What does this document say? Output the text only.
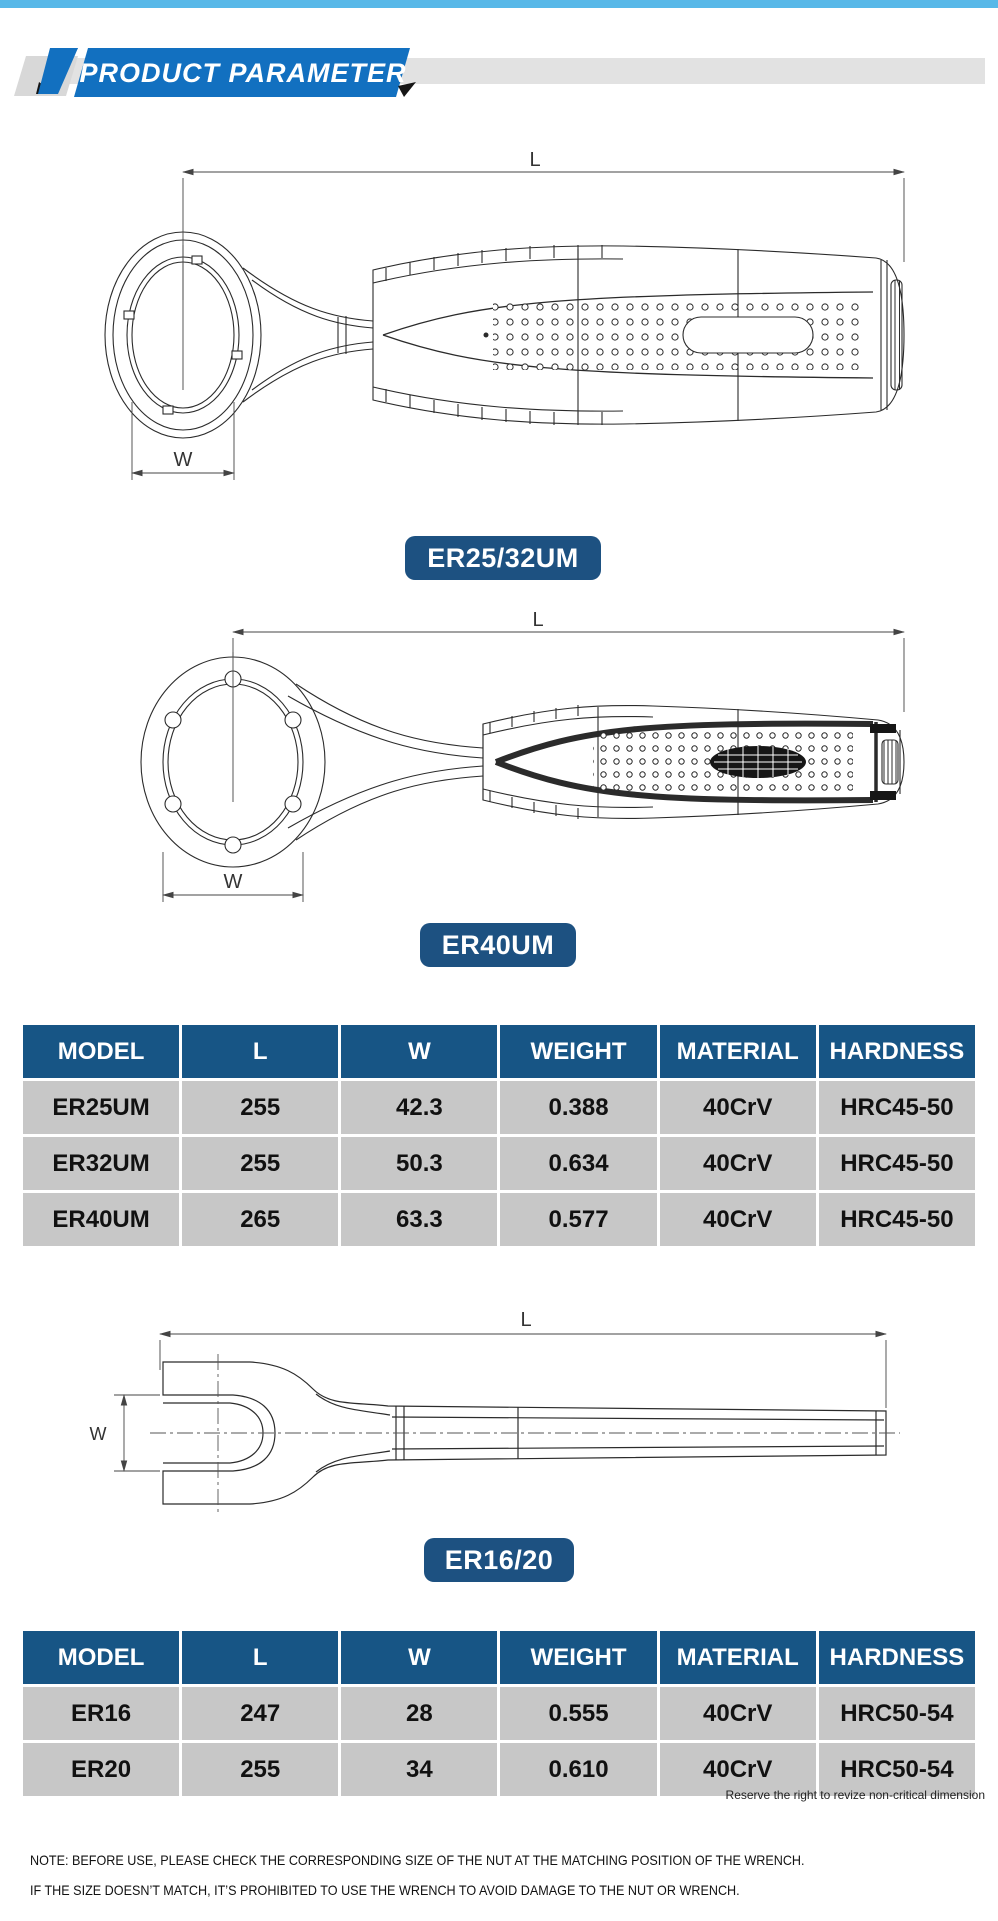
PRODUCT PARAMETER
L
W
ER25/32UM
L
W
ER40UM
MODEL	L	W	WEIGHT	MATERIAL	HARDNESS
ER25UM	255	42.3	0.388	40CrV	HRC45-50
ER32UM	255	50.3	0.634	40CrV	HRC45-50
ER40UM	265	63.3	0.577	40CrV	HRC45-50
L
W
ER16/20
MODEL	L	W	WEIGHT	MATERIAL	HARDNESS
ER16	247	28	0.555	40CrV	HRC50-54
ER20	255	34	0.610	40CrV	HRC50-54
Reserve the right to revize non-critical dimension
NOTE: BEFORE USE, PLEASE CHECK THE CORRESPONDING SIZE OF THE NUT AT THE MATCHING POSITION OF THE WRENCH.
IF THE SIZE DOESN’T MATCH, IT’S PROHIBITED TO USE THE WRENCH TO AVOID DAMAGE TO THE NUT OR WRENCH.
